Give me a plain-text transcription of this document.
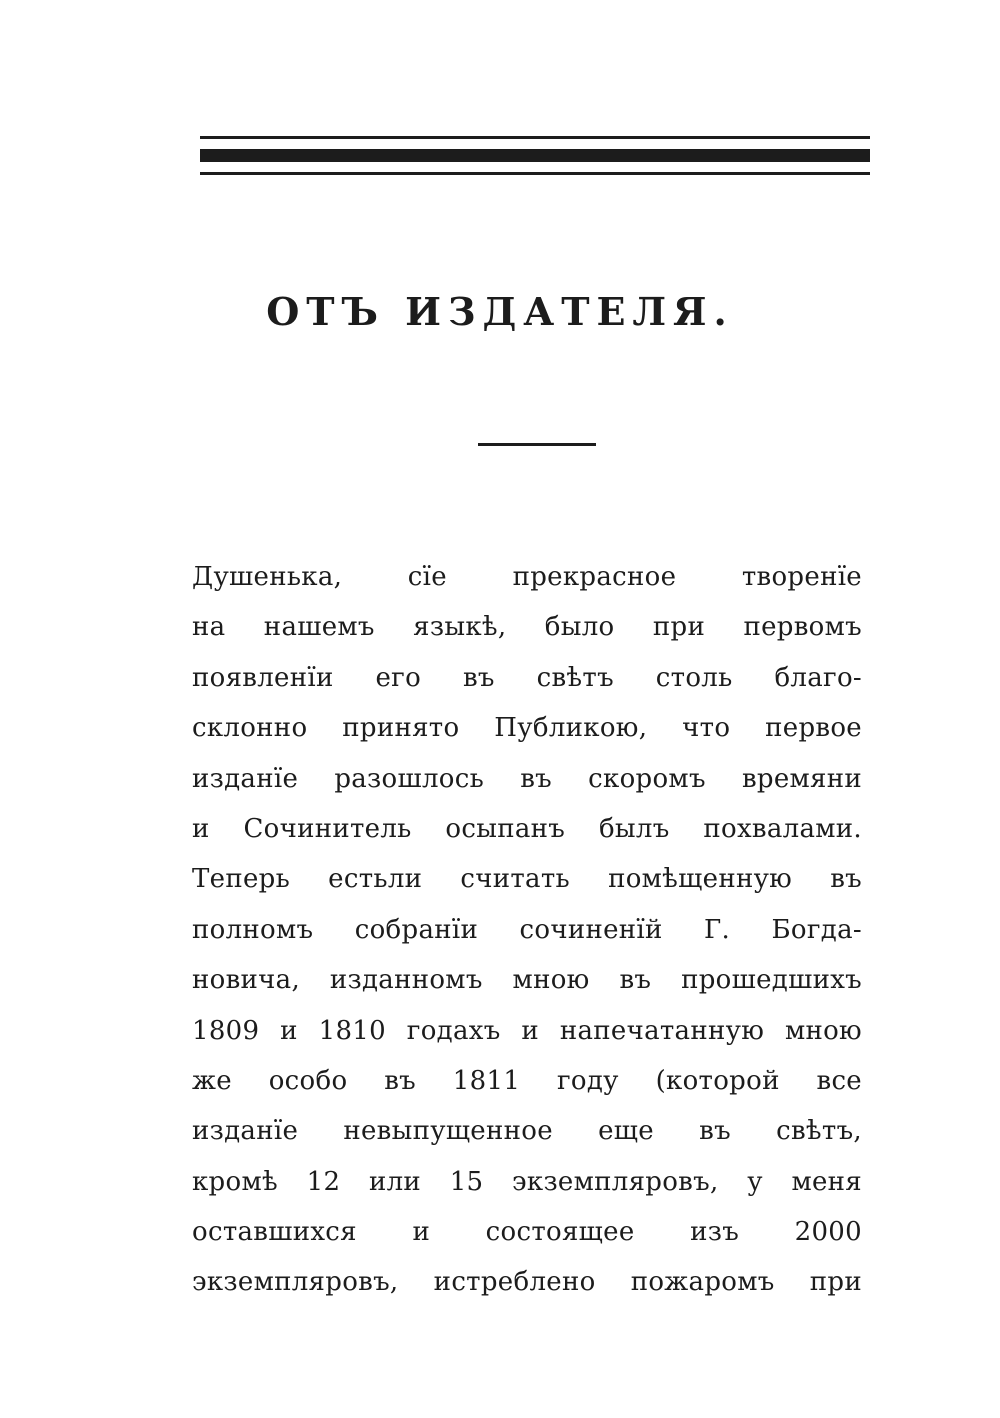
ОТЪ ИЗДАТЕЛЯ.
Душенька, сїе прекрасное творенїе
на нашемъ языкѣ, было при первомъ
появленїи его въ свѣтъ столь благо-
склонно принято Публикою, что первое
изданїе разошлось въ скоромъ времяни
и Сочинитель осыпанъ былъ похвалами.
Теперь естьли считать помѣщенную въ
полномъ собранїи сочиненїй Г. Богда-
новича, изданномъ мною въ прошедшихъ
1809 и 1810 годахъ и напечатанную мною
же особо въ 1811 году (которой все
изданїе невыпущенное еще въ свѣтъ,
кромѣ 12 или 15 экземпляровъ, у меня
оставшихся и состоящее изъ 2000
экземпляровъ, истреблено пожаромъ при
